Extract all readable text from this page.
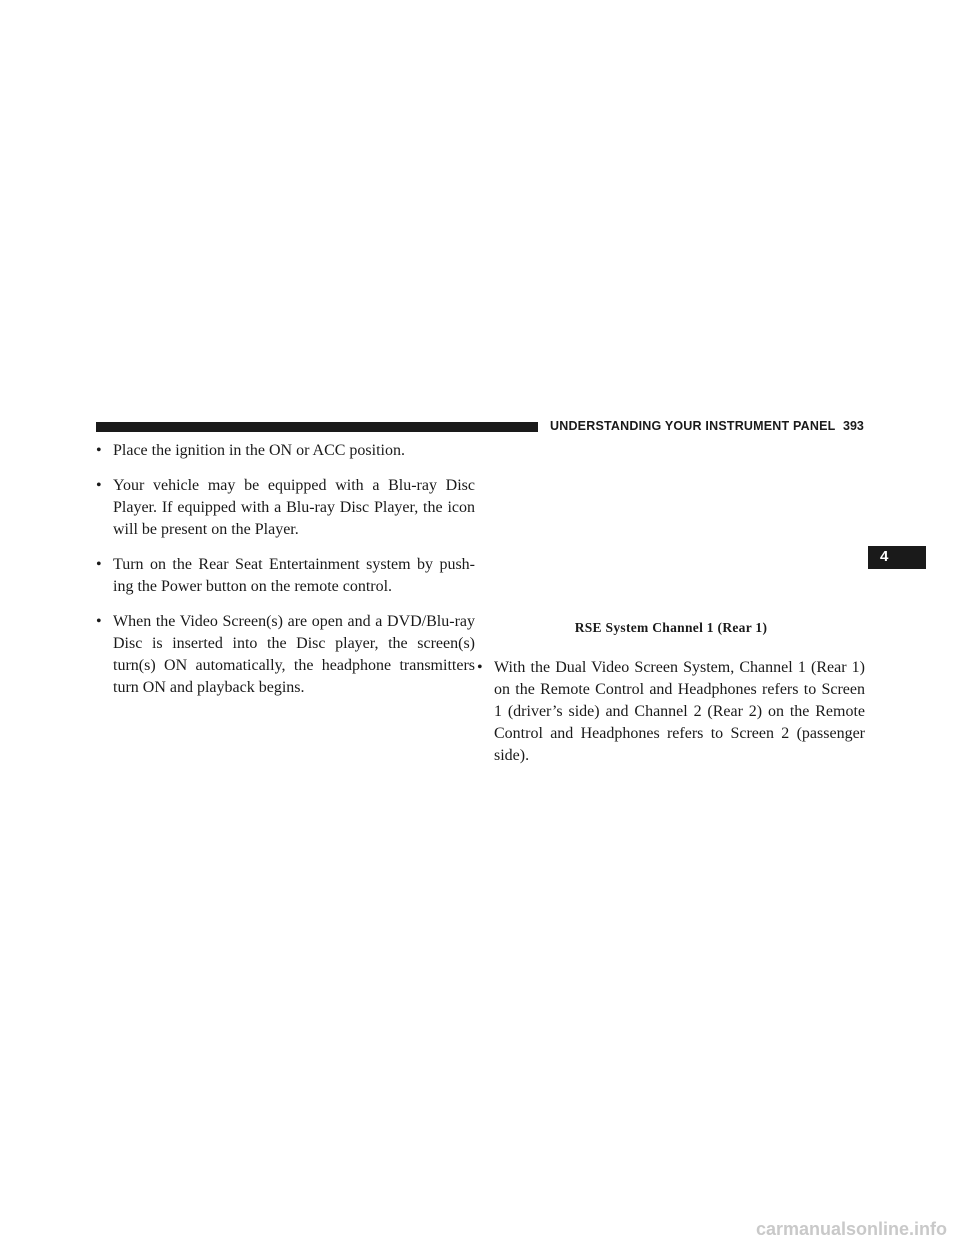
UNDERSTANDING YOUR INSTRUMENT PANEL 393
4

• Place the ignition in the ON or ACC position.

• Your vehicle may be equipped with a Blu-ray Disc Player. If equipped with a Blu-ray Disc Player, the icon will be present on the Player.

• Turn on the Rear Seat Entertainment system by push-ing the Power button on the remote control.

• When the Video Screen(s) are open and a DVD/Blu-ray Disc is inserted into the Disc player, the screen(s) turn(s) ON automatically, the headphone transmitters turn ON and playback begins.

RSE System Channel 1 (Rear 1)

• With the Dual Video Screen System, Channel 1 (Rear 1) on the Remote Control and Headphones refers to Screen 1 (driver’s side) and Channel 2 (Rear 2) on the Remote Control and Headphones refers to Screen 2 (passenger side).

carmanualsonline.info
